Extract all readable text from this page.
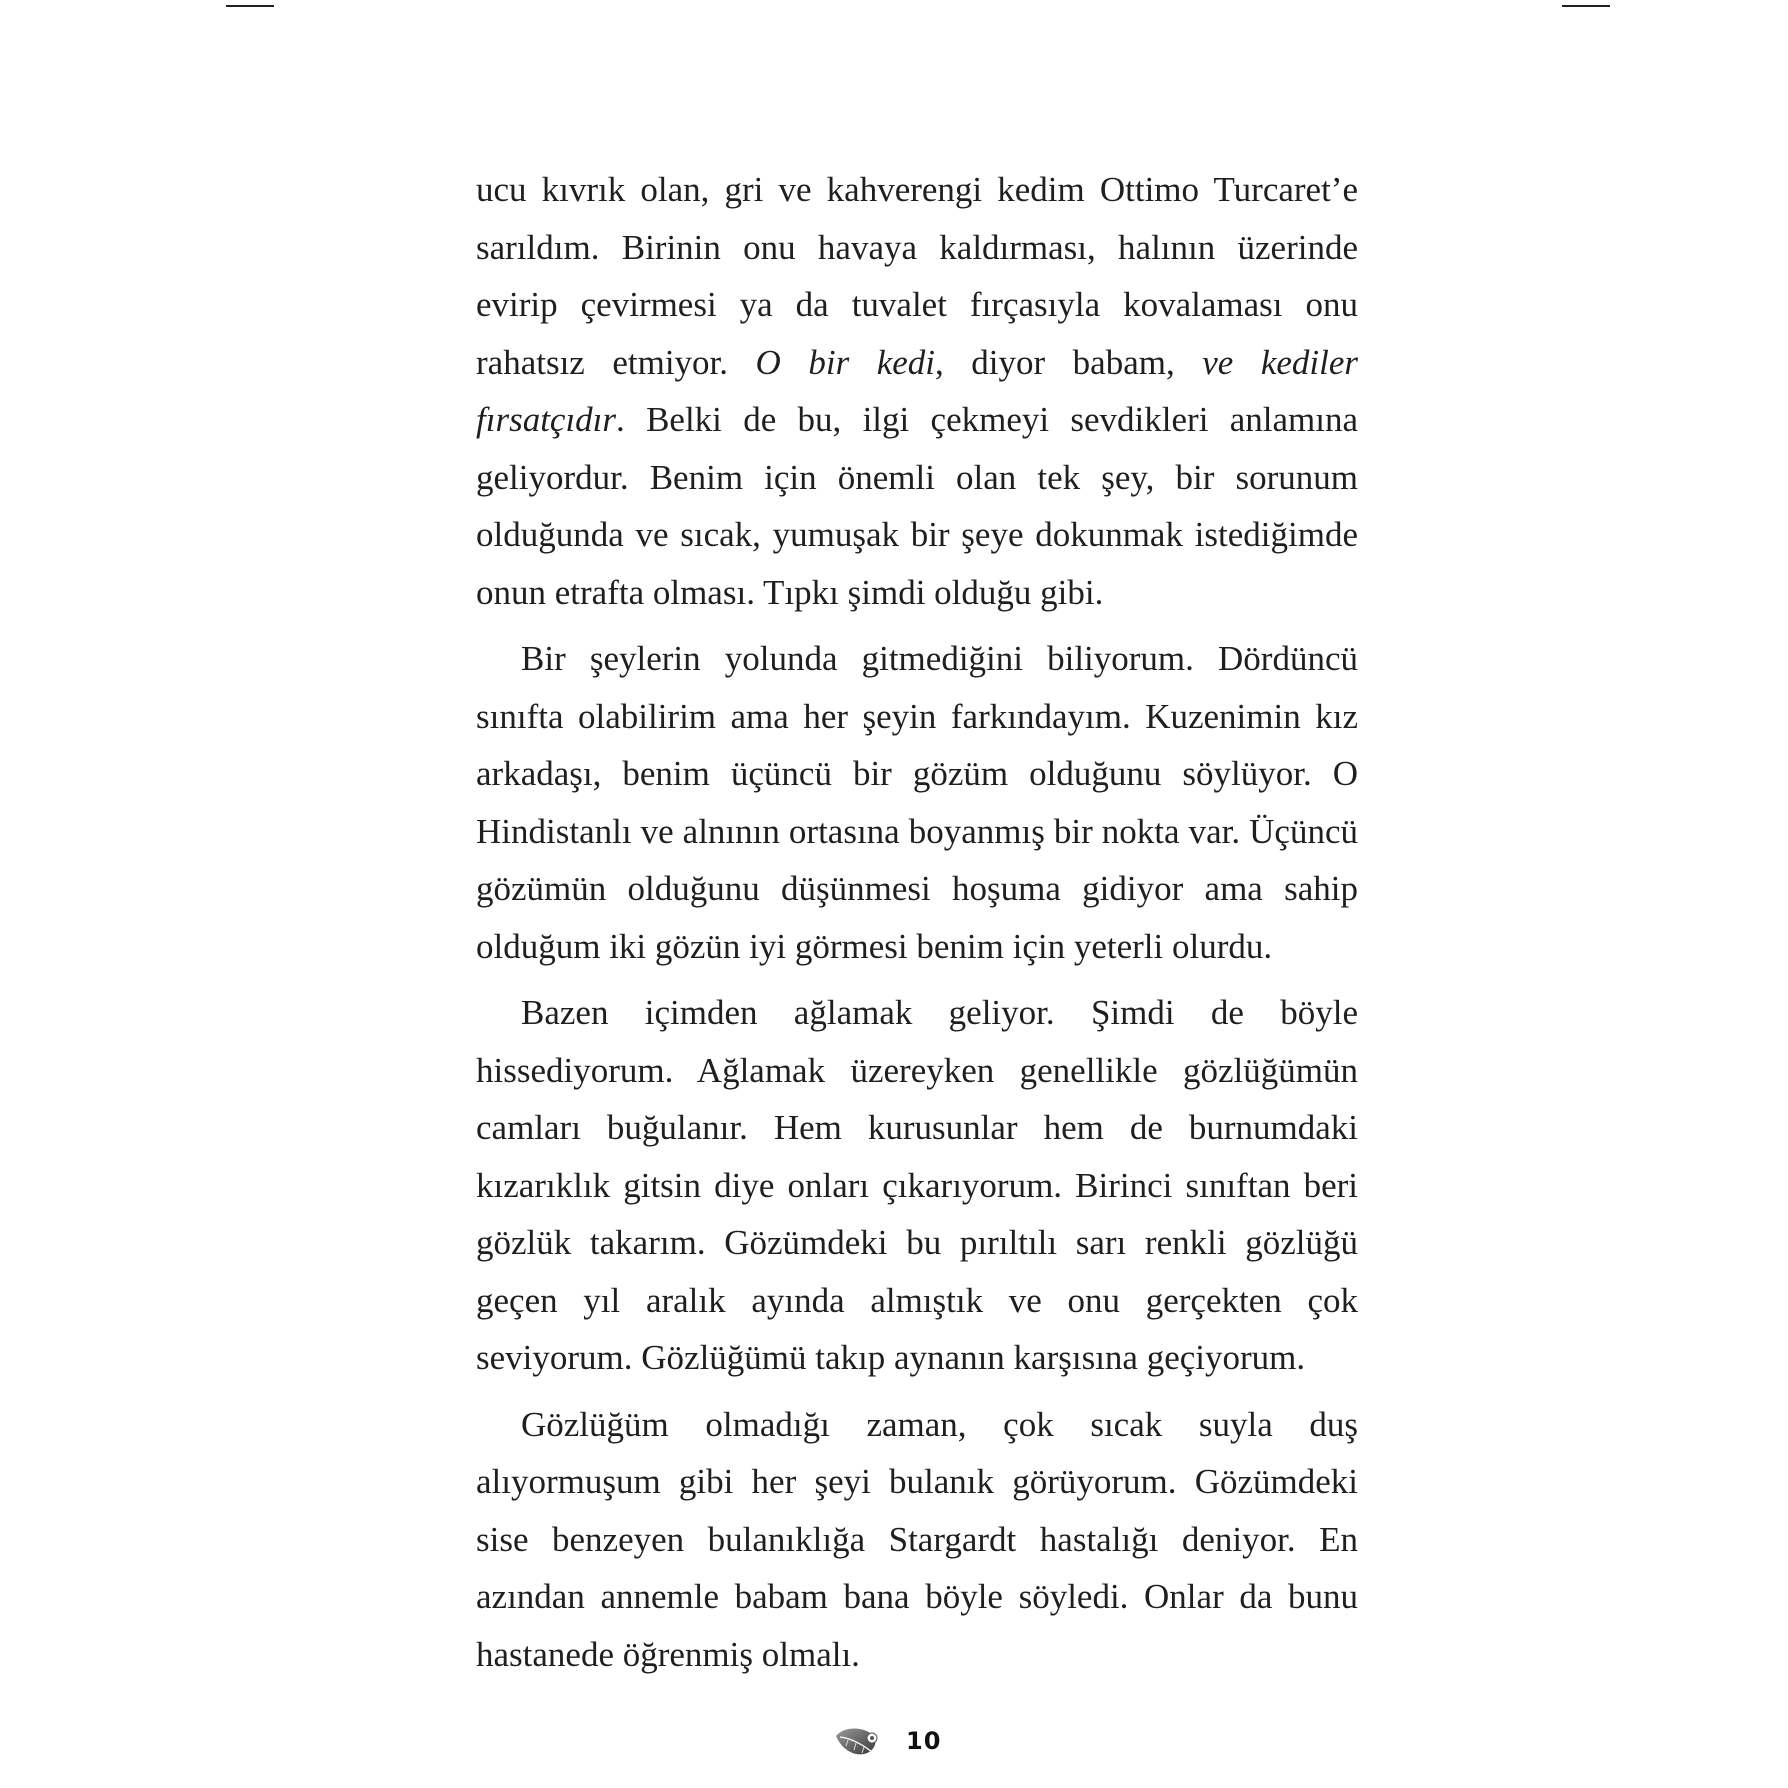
ucu kıvrık olan, gri ve kahverengi kedim Ottimo Turcaret’e sarıldım. Birinin onu havaya kaldırması, halının üzerinde evirip çevirmesi ya da tuvalet fırçasıyla kovalaması onu rahatsız etmiyor. O bir kedi, diyor babam, ve kediler fırsatçıdır. Belki de bu, ilgi çekmeyi sevdikleri anlamına geliyordur. Benim için önemli olan tek şey, bir sorunum olduğunda ve sıcak, yumuşak bir şeye dokunmak istediğimde onun etrafta olması. Tıpkı şimdi olduğu gibi.

Bir şeylerin yolunda gitmediğini biliyorum. Dördüncü sınıfta olabilirim ama her şeyin farkındayım. Kuzenimin kız arkadaşı, benim üçüncü bir gözüm olduğunu söylüyor. O Hindistanlı ve alnının ortasına boyanmış bir nokta var. Üçüncü gözümün olduğunu düşünmesi hoşuma gidiyor ama sahip olduğum iki gözün iyi görmesi benim için yeterli olurdu.

Bazen içimden ağlamak geliyor. Şimdi de böyle hissediyorum. Ağlamak üzereyken genellikle gözlüğümün camları buğulanır. Hem kurusunlar hem de burnumdaki kızarıklık gitsin diye onları çıkarıyorum. Birinci sınıftan beri gözlük takarım. Gözümdeki bu pırıltılı sarı renkli gözlüğü geçen yıl aralık ayında almıştık ve onu gerçekten çok seviyorum. Gözlüğümü takıp aynanın karşısına geçiyorum.

Gözlüğüm olmadığı zaman, çok sıcak suyla duş alıyormuşum gibi her şeyi bulanık görüyorum. Gözümdeki sise benzeyen bulanıklığa Stargardt hastalığı deniyor. En azından annemle babam bana böyle söyledi. Onlar da bunu hastanede öğrenmiş olmalı.

10
